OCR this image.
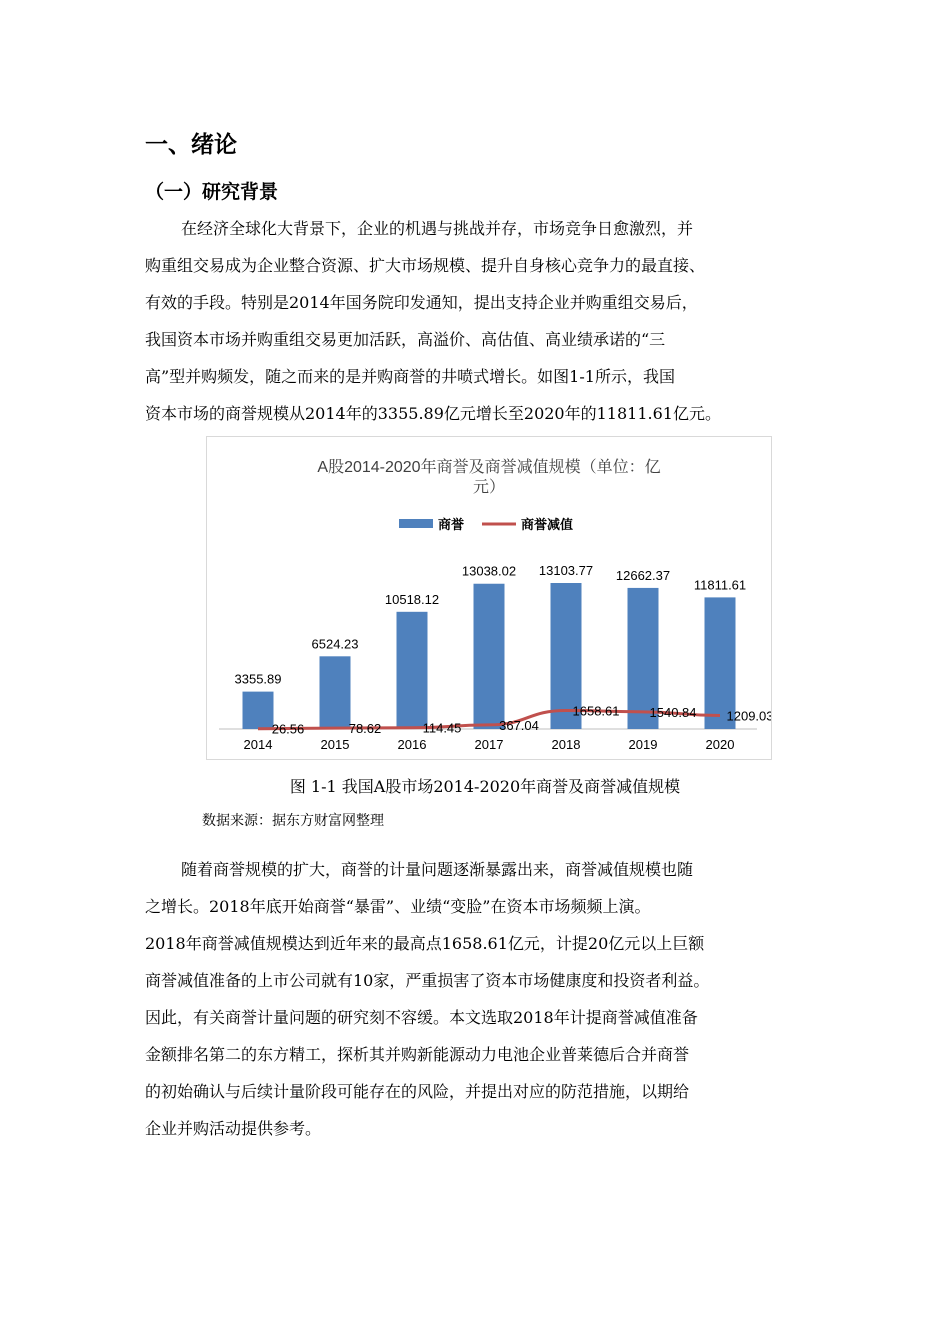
一、绪论
（一）研究背景
在经济全球化大背景下，企业的机遇与挑战并存，市场竞争日愈激烈，并
购重组交易成为企业整合资源、扩大市场规模、提升自身核心竞争力的最直接、
有效的手段。特别是2014年国务院印发通知，提出支持企业并购重组交易后，
我国资本市场并购重组交易更加活跃，高溢价、高估值、高业绩承诺的“三
高”型并购频发，随之而来的是并购商誉的井喷式增长。如图1-1所示，我国
资本市场的商誉规模从2014年的3355.89亿元增长至2020年的11811.61亿元。
A股2014-2020年商誉及商誉减值规模（单位：亿
元）
商誉	商誉减值
3355.89
2014
6524.23
2015
10518.12
2016
13038.02
2017
13103.77
2018
12662.37
2019
11811.61
2020
26.56	78.62	114.45	367.04
1658.61 1540.84 1209.03
图 1-1 我国A股市场2014-2020年商誉及商誉减值规模
数据来源：据东方财富网整理
随着商誉规模的扩大，商誉的计量问题逐渐暴露出来，商誉减值规模也随
之增长。2018年底开始商誉“暴雷”、业绩“变脸”在资本市场频频上演。
2018年商誉减值规模达到近年来的最高点1658.61亿元，计提20亿元以上巨额
商誉减值准备的上市公司就有10家，严重损害了资本市场健康度和投资者利益。
因此，有关商誉计量问题的研究刻不容缓。本文选取2018年计提商誉减值准备
金额排名第二的东方精工，探析其并购新能源动力电池企业普莱德后合并商誉
的初始确认与后续计量阶段可能存在的风险，并提出对应的防范措施，以期给
企业并购活动提供参考。
